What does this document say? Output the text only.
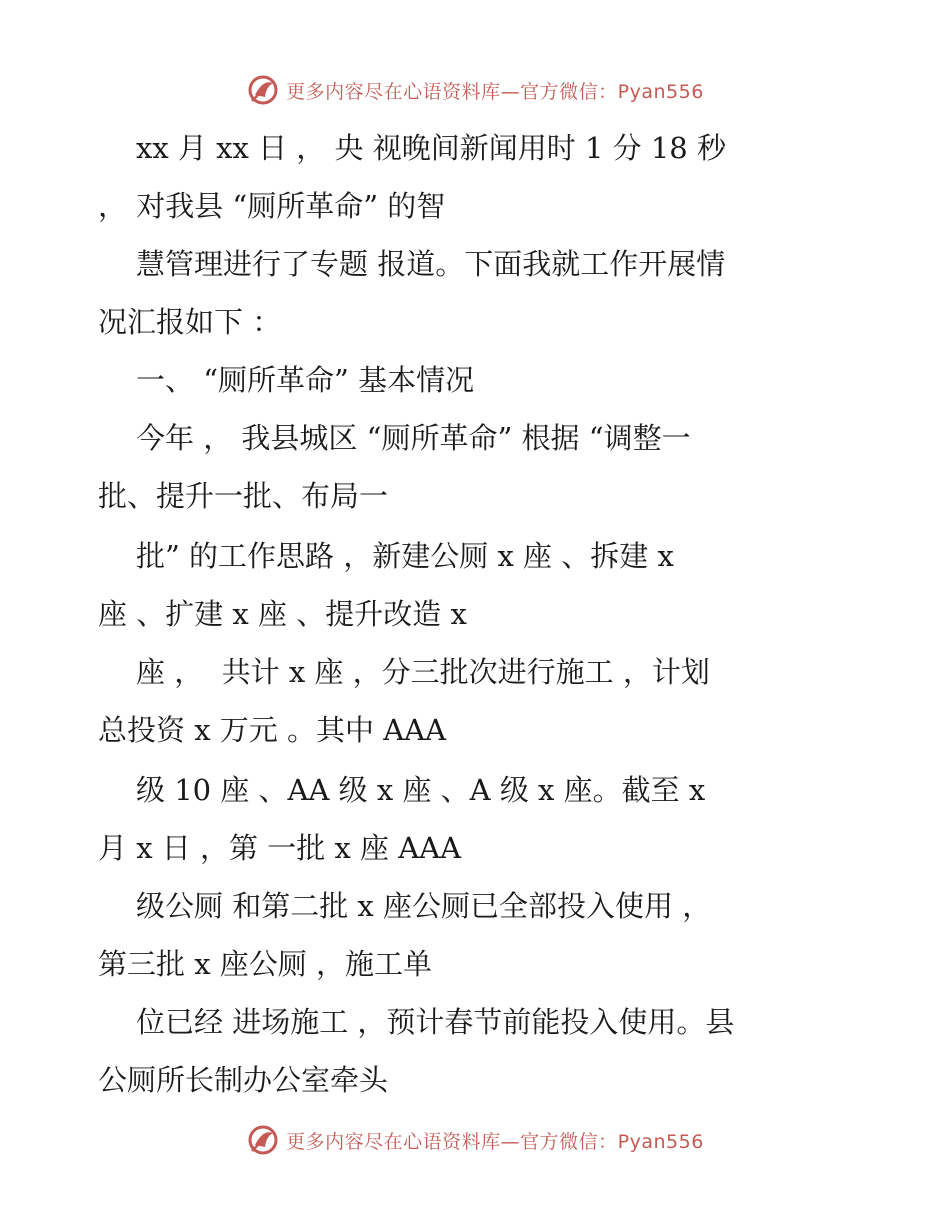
更多内容尽在心语资料库—官方微信：Pyan556
xx 月 xx 日 ， 央 视晚间新闻用时 1 分 18 秒
， 对我县 “厕所革命” 的智
慧管理进行了专题 报道。下面我就工作开展情
况汇报如下 ：
一、 “厕所革命” 基本情况
今年 ， 我县城区 “厕所革命” 根据 “调整一
批、提升一批、布局一
批” 的工作思路 ，新建公厕 x 座 、拆建 x
座 、扩建 x 座 、提升改造 x
座 ，  共计 x 座 ，分三批次进行施工 ，计划
总投资 x 万元 。其中 AAA
级 10 座 、AA 级 x 座 、A 级 x 座。截至 x
月 x 日 ，第 一批 x 座 AAA
级公厕 和第二批 x 座公厕已全部投入使用 ，
第三批 x 座公厕 ，施工单
位已经 进场施工 ，预计春节前能投入使用。县
公厕所长制办公室牵头
更多内容尽在心语资料库—官方微信：Pyan556
